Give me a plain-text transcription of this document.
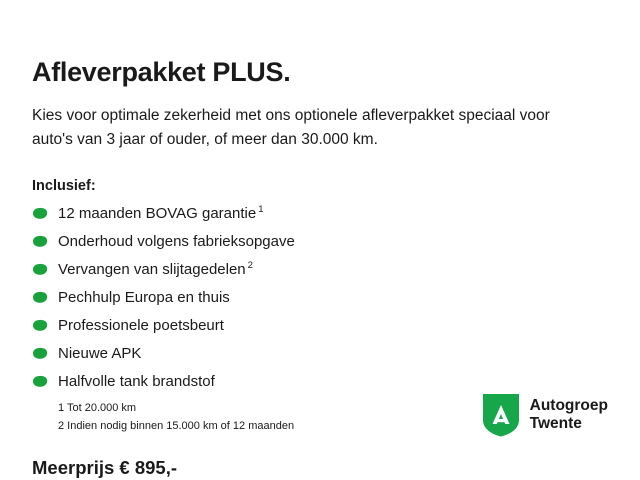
Afleverpakket PLUS.

Kies voor optimale zekerheid met ons optionele afleverpakket speciaal voor auto's van 3 jaar of ouder, of meer dan 30.000 km.

Inclusief:
12 maanden BOVAG garantie $^1$
Onderhoud volgens fabrieksopgave
Vervangen van slijtagedelen $^2$
Pechhulp Europa en thuis
Professionele poetsbeurt
Nieuwe APK
Halfvolle tank brandstof
1 Tot 20.000 km
2 Indien nodig binnen 15.000 km of 12 maanden
Meerprijs € 895,-
Autogroep
Twente
